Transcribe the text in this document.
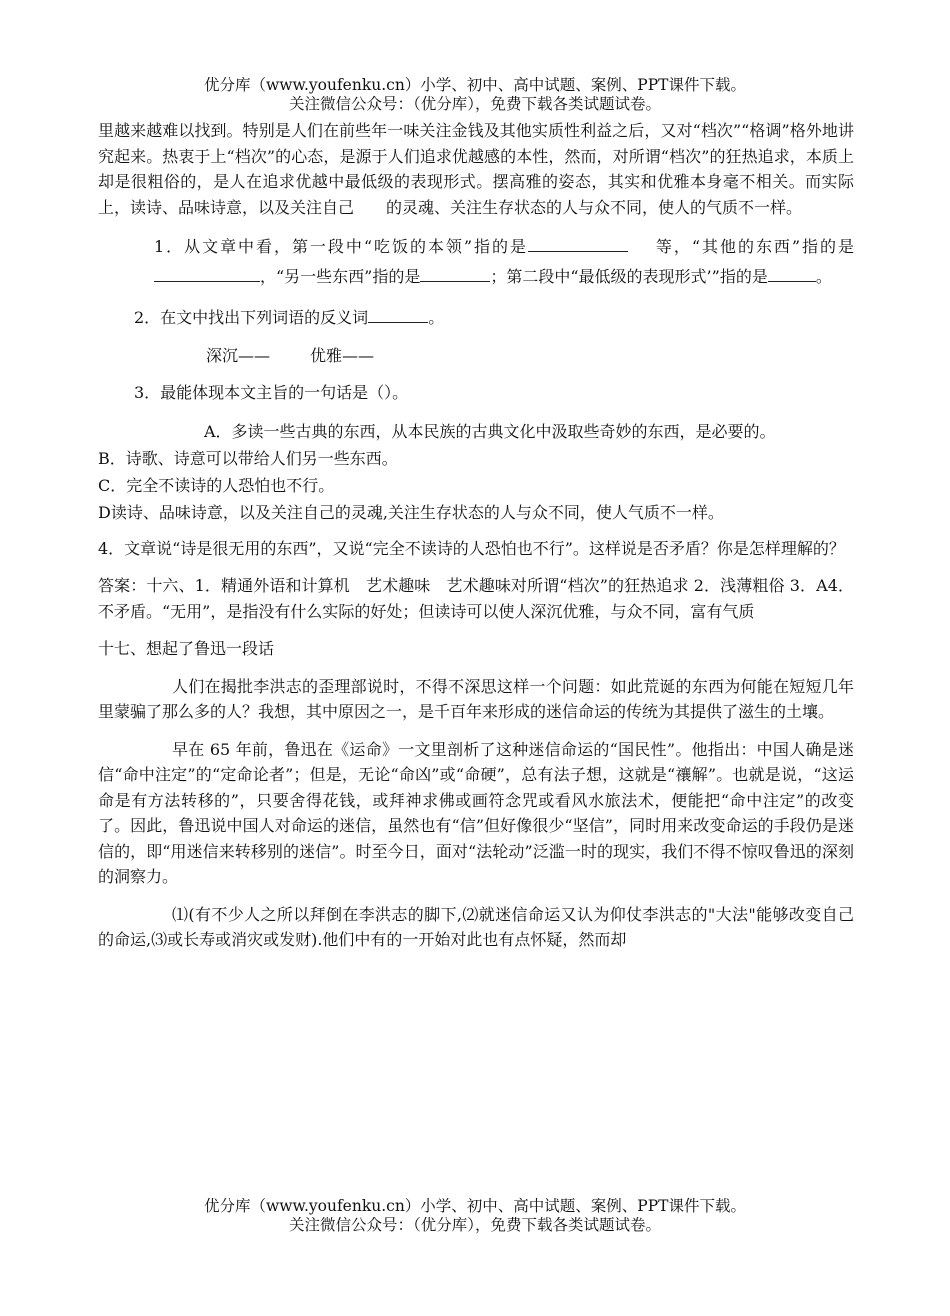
优分库（www.youfenku.cn）小学、初中、高中试题、案例、PPT课件下载。
关注微信公众号：（优分库），免费下载各类试题试卷。

里越来越难以找到。特别是人们在前些年一味关注金钱及其他实质性利益之后，又对“档次”“格调”格外地讲究起来。热衷于上“档次”的心态，是源于人们追求优越感的本性，然而，对所谓“档次”的狂热追求，本质上却是很粗俗的，是人在追求优越中最低级的表现形式。摆高雅的姿态，其实和优雅本身毫不相关。而实际上，读诗、品味诗意，以及关注自己　　的灵魂、关注生存状态的人与众不同，使人的气质不一样。

1．从文章中看，第一段中“吃饭的本领”指的是	等，“其他的东西”指的是，“另一些东西”指的是	；第二段中“最低级的表现形式’”指的是	。

2．在文中找出下列词语的反义词	。

深沉——	优雅——

3．最能体现本文主旨的一句话是（）。

A．多读一些古典的东西，从本民族的古典文化中汲取些奇妙的东西，是必要的。

B．诗歌、诗意可以带给人们另一些东西。

C．完全不读诗的人恐怕也不行。

D读诗、品味诗意，以及关注自己的灵魂,关注生存状态的人与众不同，使人气质不一样。

4．文章说“诗是很无用的东西”，又说“完全不读诗的人恐怕也不行”。这样说是否矛盾？你是怎样理解的？

答案：十六、1．精通外语和计算机　艺术趣味　艺术趣味对所谓“档次”的狂热追求 2．浅薄粗俗 3．A4．不矛盾。“无用”，是指没有什么实际的好处；但读诗可以使人深沉优雅，与众不同，富有气质

十七、想起了鲁迅一段话

人们在揭批李洪志的歪理部说时，不得不深思这样一个问题：如此荒诞的东西为何能在短短几年里蒙骗了那么多的人？我想，其中原因之一，是千百年来形成的迷信命运的传统为其提供了滋生的土壤。

早在 65 年前，鲁迅在《运命》一文里剖析了这种迷信命运的“国民性”。他指出：中国人确是迷信“命中注定”的“定命论者”；但是，无论“命凶”或“命硬”，总有法子想，这就是“禳解”。也就是说，“这运命是有方法转移的”，只要舍得花钱，或拜神求佛或画符念咒或看风水旅法术，便能把“命中注定”的改变了。因此，鲁迅说中国人对命运的迷信，虽然也有“信”但好像很少“坚信”，同时用来改变命运的手段仍是迷信的，即“用迷信来转移别的迷信”。时至今日，面对“法轮动”泛滥一时的现实，我们不得不惊叹鲁迅的深刻的洞察力。

⑴(有不少人之所以拜倒在李洪志的脚下,⑵就迷信命运又认为仰仗李洪志的"大法"能够改变自己的命运,⑶或长寿或消灾或发财).他们中有的一开始对此也有点怀疑，然而却

优分库（www.youfenku.cn）小学、初中、高中试题、案例、PPT课件下载。
关注微信公众号：（优分库），免费下载各类试题试卷。
